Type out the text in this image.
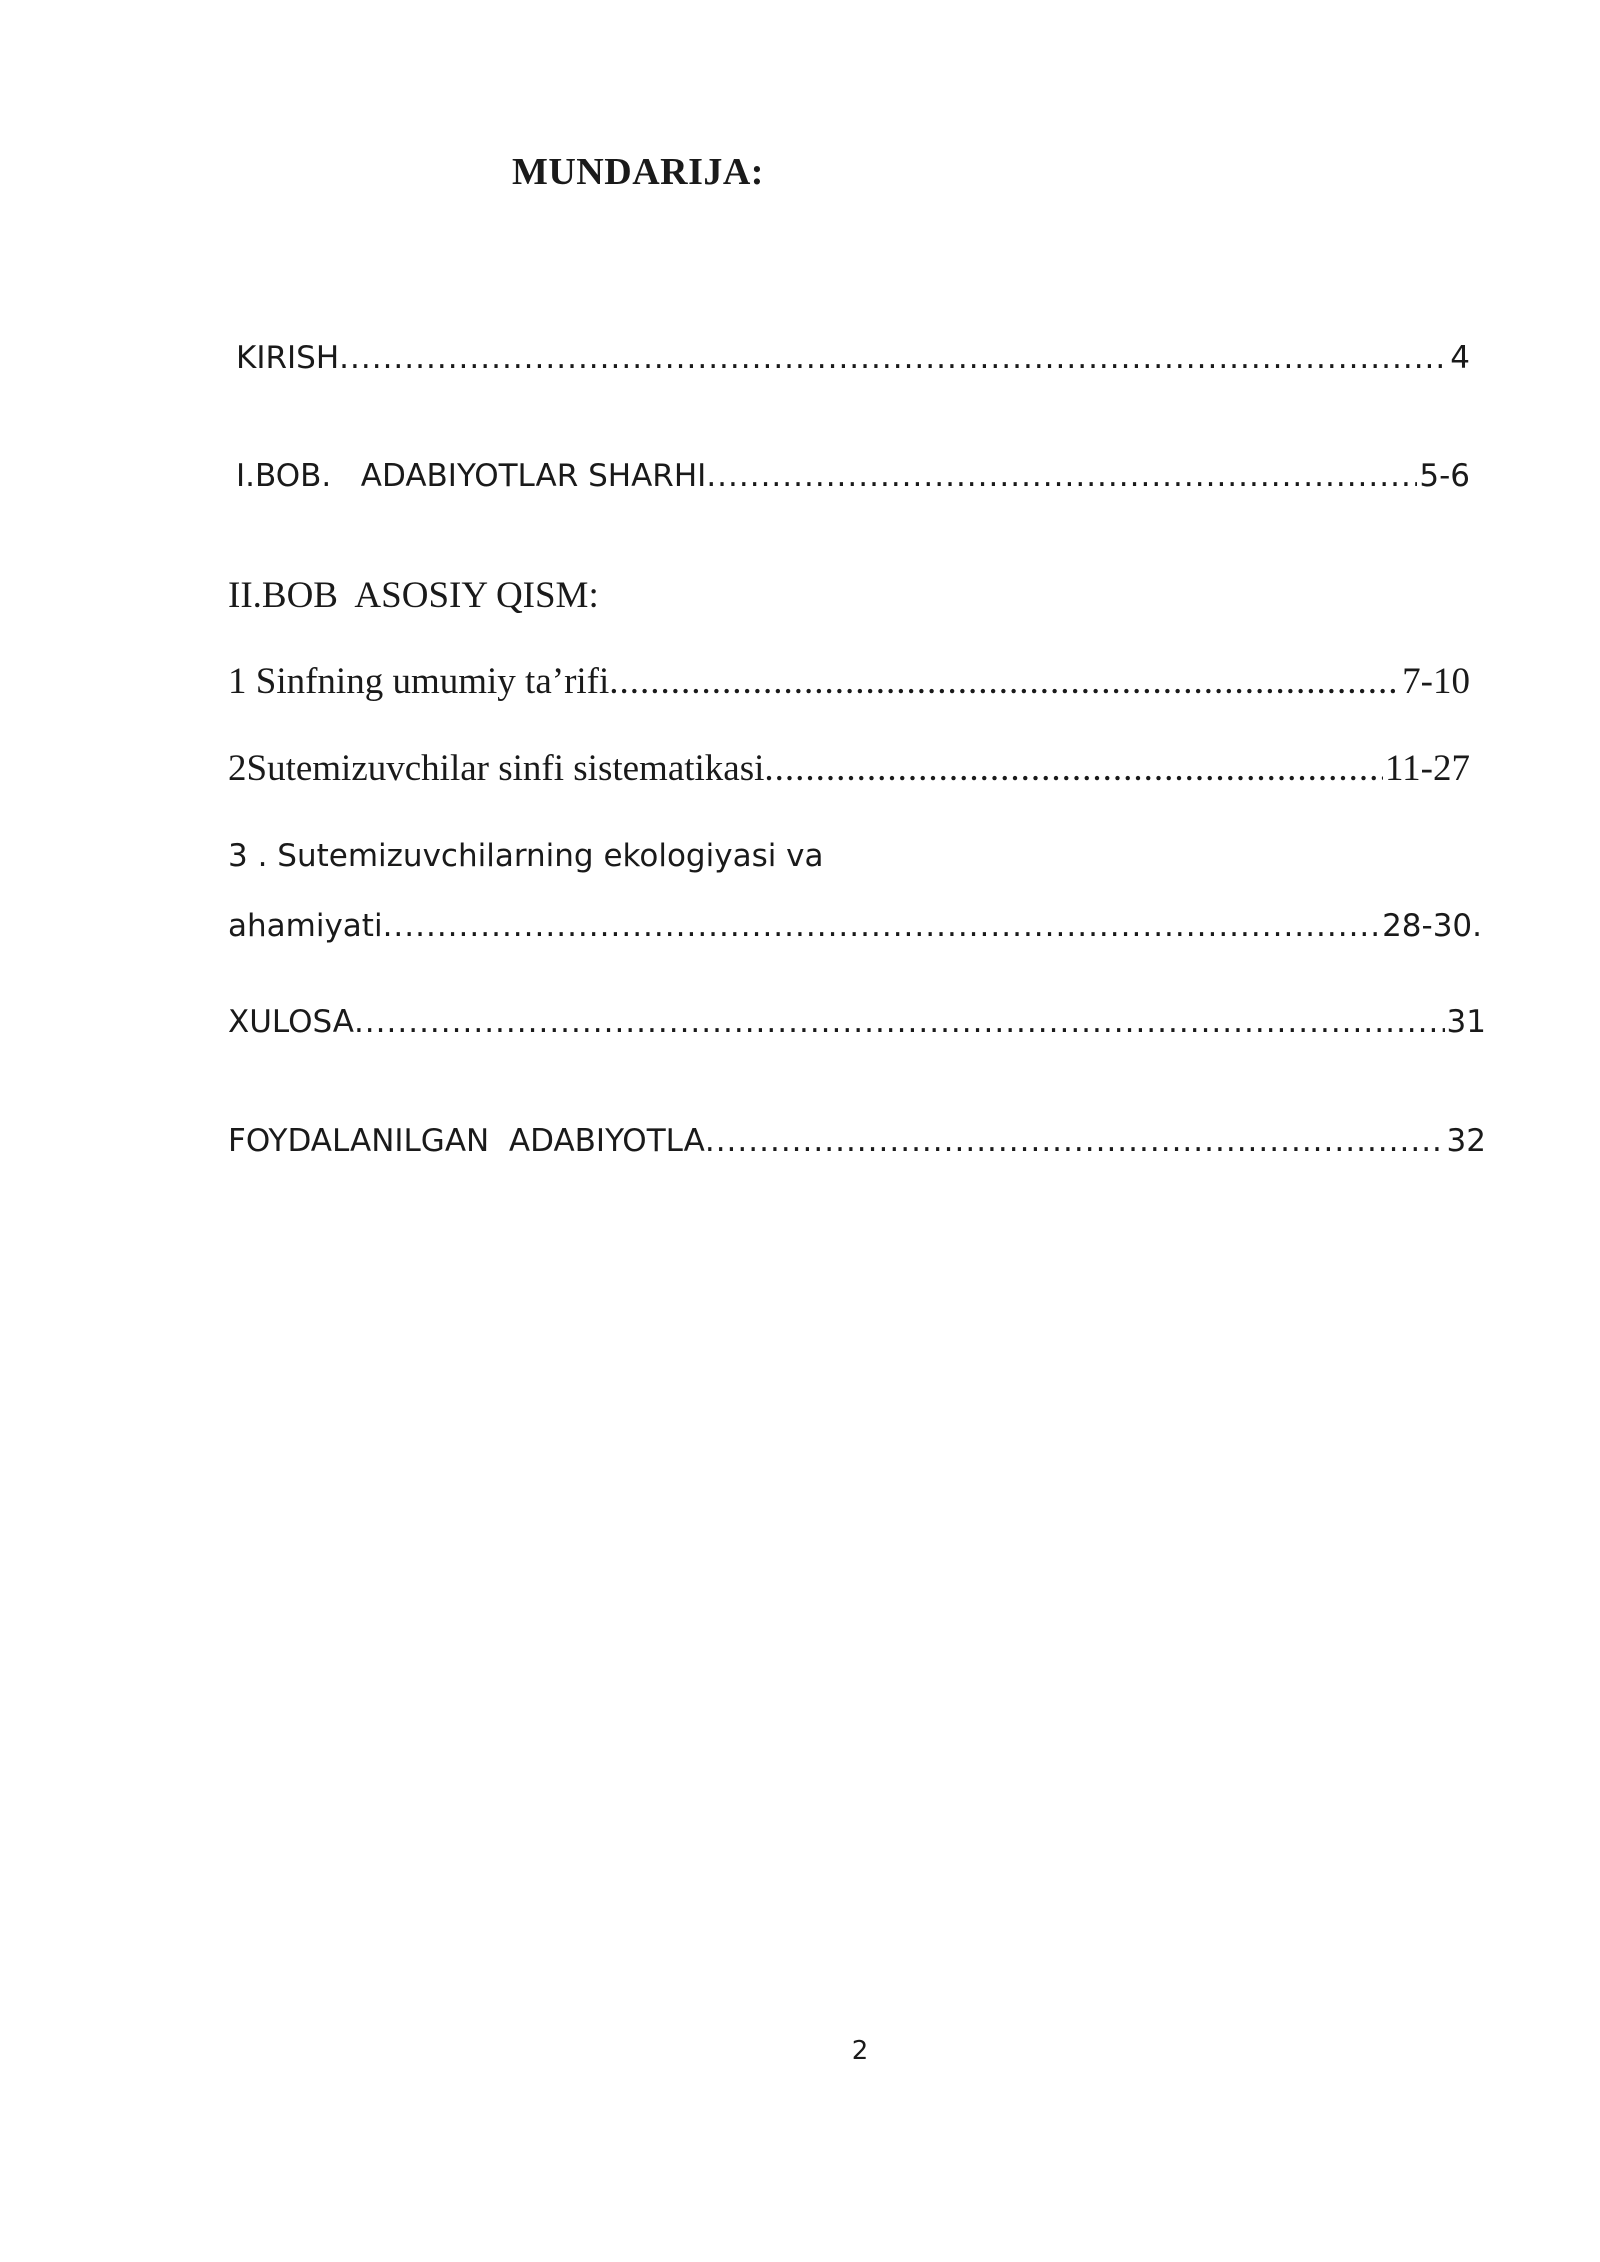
MUNDARIJA:
KIRISH .....	4
I.BOB.   ADABIYOTLAR SHARHI .....	5-6
II.BOB  ASOSIY QISM:
1 Sinfning umumiy ta’rifi .....	7-10
2Sutemizuvchilar sinfi sistematikasi .....	11-27
3 . Sutemizuvchilarning ekologiyasi va
ahamiyati .....	28-30.
XULOSA .....	31
FOYDALANILGAN  ADABIYOTLA .....	32
2
